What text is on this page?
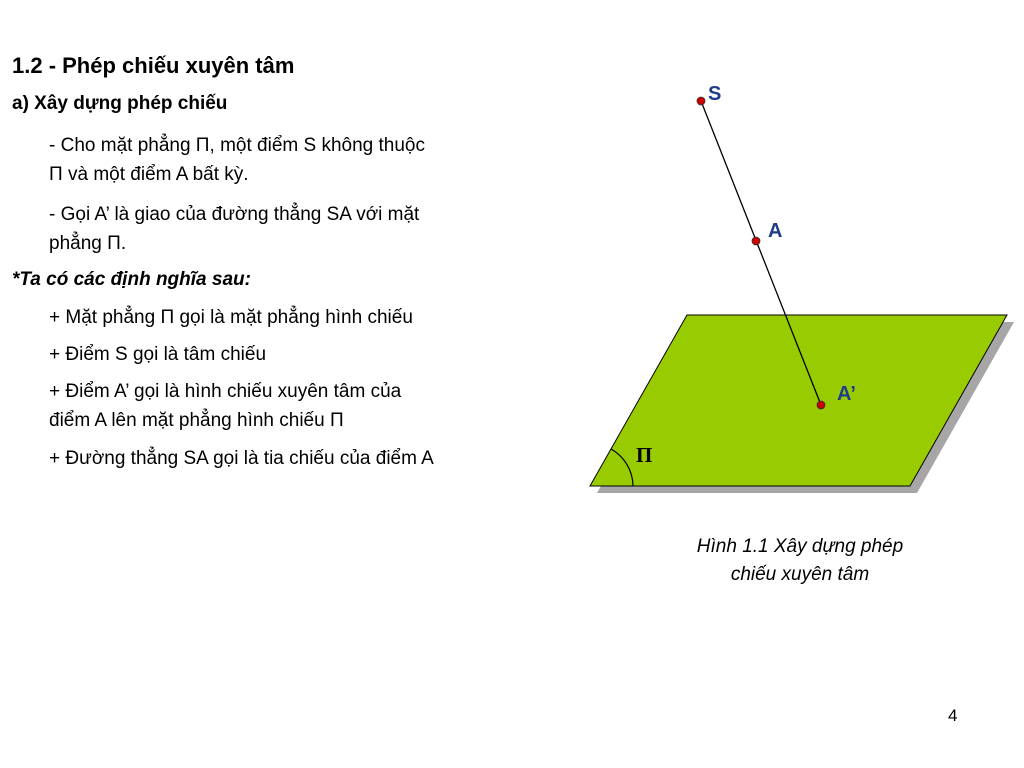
1.2 - Phép chiếu xuyên tâm
a) Xây dựng phép chiếu

- Cho mặt phẳng Π, một điểm S không thuộc
Π và một điểm A bất kỳ.

- Gọi A’ là giao của đường thẳng SA với mặt
phẳng Π.

*Ta có các định nghĩa sau:

+ Mặt phẳng Π gọi là mặt phẳng hình chiếu

+ Điểm S gọi là tâm chiếu

+ Điểm A’ gọi là hình chiếu xuyên tâm của
điểm A lên mặt phẳng hình chiếu Π

+ Đường thẳng SA gọi là tia chiếu của điểm A	Π
S
A
A’

Hình 1.1 Xây dựng phép
chiếu xuyên tâm

4
